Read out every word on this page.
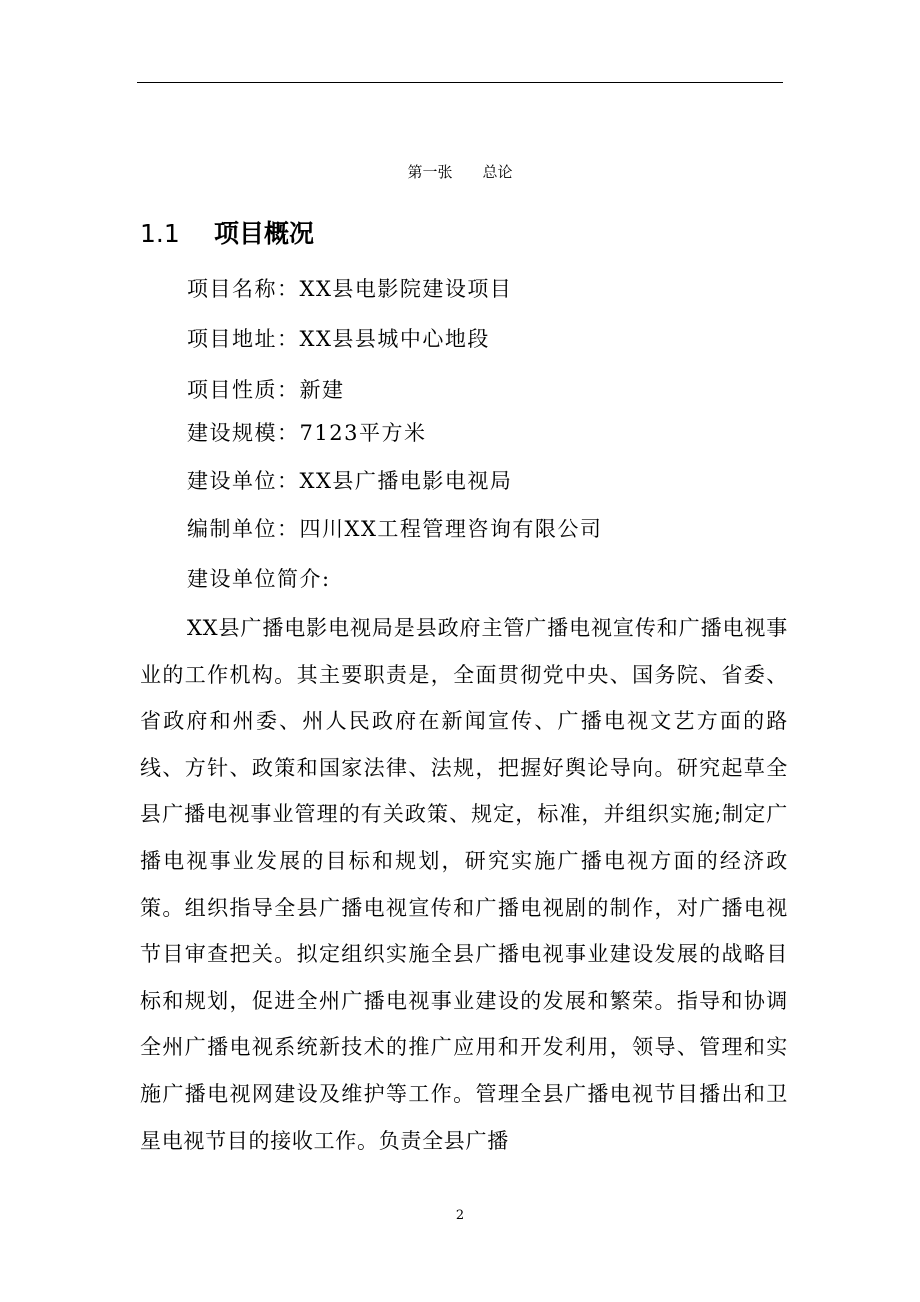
第一张　　总论
1.1 项目概况
项目名称：XX县电影院建设项目
项目地址：XX县县城中心地段
项目性质：新建
建设规模：7123平方米
建设单位：XX县广播电影电视局
编制单位：四川XX工程管理咨询有限公司
建设单位简介:

XX县广播电影电视局是县政府主管广播电视宣传和广播电视事业的工作机构。其主要职责是，全面贯彻党中央、国务院、省委、省政府和州委、州人民政府在新闻宣传、广播电视文艺方面的路线、方针、政策和国家法律、法规，把握好舆论导向。研究起草全县广播电视事业管理的有关政策、规定，标准，并组织实施;制定广播电视事业发展的目标和规划，研究实施广播电视方面的经济政策。组织指导全县广播电视宣传和广播电视剧的制作，对广播电视节目审查把关。拟定组织实施全县广播电视事业建设发展的战略目标和规划，促进全州广播电视事业建设的发展和繁荣。指导和协调全州广播电视系统新技术的推广应用和开发利用，领导、管理和实施广播电视网建设及维护等工作。管理全县广播电视节目播出和卫星电视节目的接收工作。负责全县广播

2
